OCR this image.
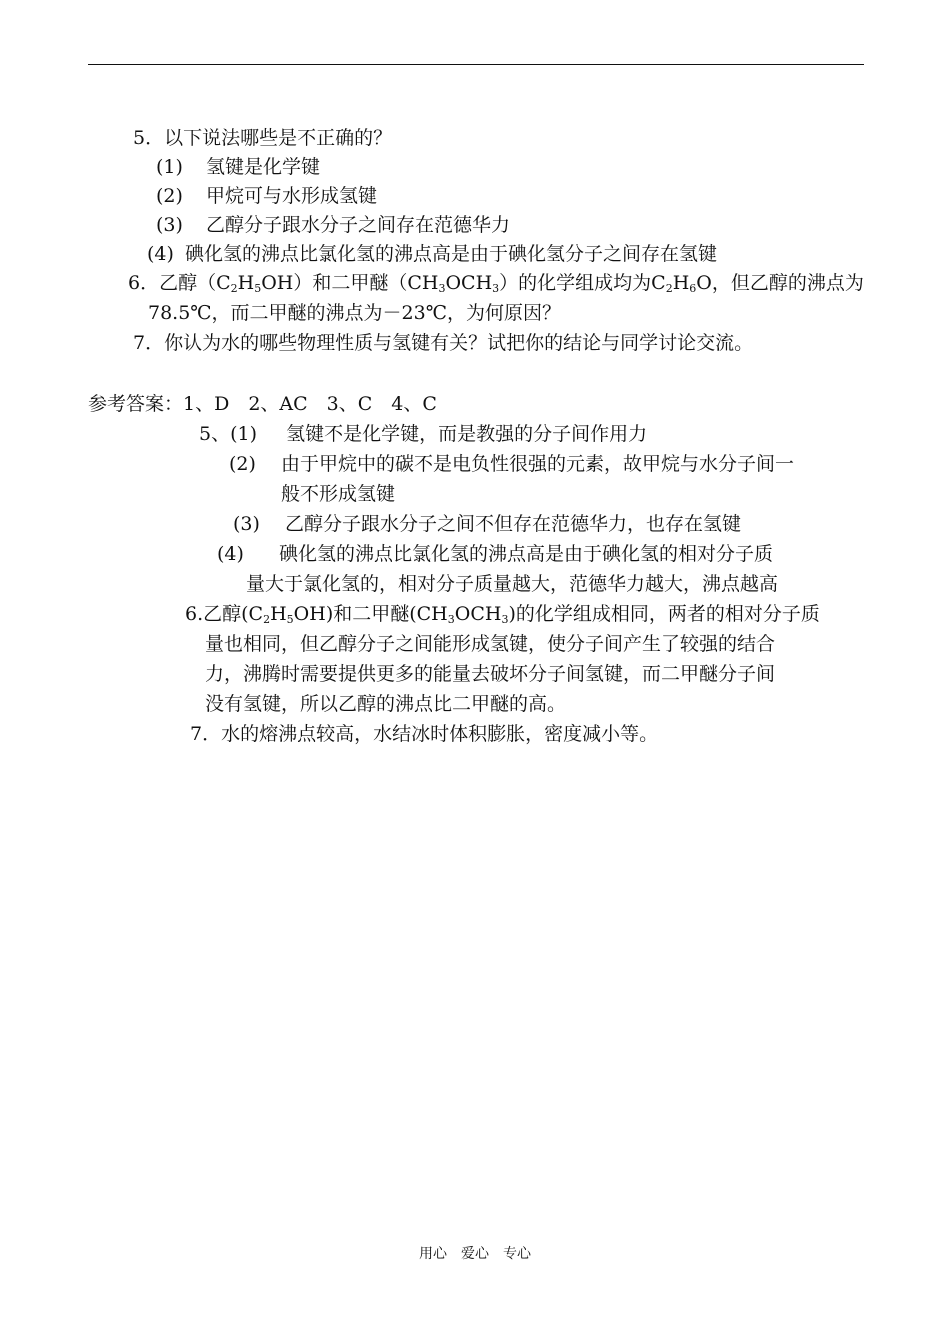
5．以下说法哪些是不正确的？
(1) 氢键是化学键
(2) 甲烷可与水形成氢键
(3) 乙醇分子跟水分子之间存在范德华力
(4) 碘化氢的沸点比氯化氢的沸点高是由于碘化氢分子之间存在氢键
6．乙醇$(C_2H_5OH)$和二甲醚$(CH_3OCH_3)$的化学组成均为$C_2H_6O$，但乙醇的沸点为
78.5℃，而二甲醚的沸点为－23℃，为何原因？
7．你认为水的哪些物理性质与氢键有关？试把你的结论与同学讨论交流。
参考答案：1、D　2、AC　3、C　4、C
5、(1) 氢键不是化学键，而是教强的分子间作用力
(2) 由于甲烷中的碳不是电负性很强的元素，故甲烷与水分子间一
般不形成氢键
(3) 乙醇分子跟水分子之间不但存在范德华力，也存在氢键
(4) 碘化氢的沸点比氯化氢的沸点高是由于碘化氢的相对分子质
量大于氯化氢的，相对分子质量越大，范德华力越大，沸点越高
6.乙醇$(C_2H_5OH)$和二甲醚$(CH_3OCH_3)$的化学组成相同，两者的相对分子质
量也相同，但乙醇分子之间能形成氢键，使分子间产生了较强的结合
力，沸腾时需要提供更多的能量去破坏分子间氢键，而二甲醚分子间
没有氢键，所以乙醇的沸点比二甲醚的高。
7．水的熔沸点较高，水结冰时体积膨胀，密度减小等。
用心　爱心　专心
